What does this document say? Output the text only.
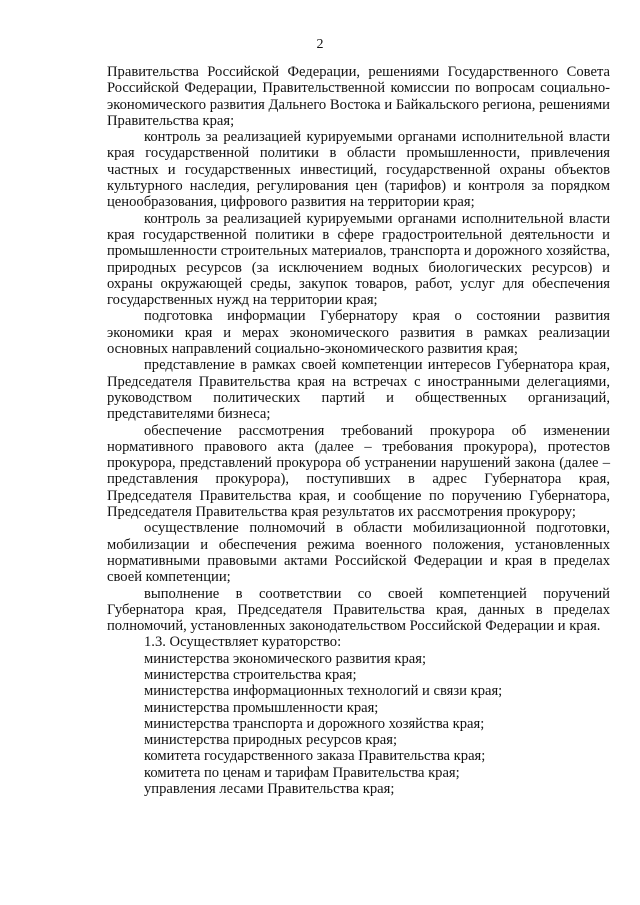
2

Правительства Российской Федерации, решениями Государственного Совета Российской Федерации, Правительственной комиссии по вопросам социально-экономического развития Дальнего Востока и Байкальского региона, решениями Правительства края;

контроль за реализацией курируемыми органами исполнительной власти края государственной политики в области промышленности, привлечения частных и государственных инвестиций, государственной охраны объектов культурного наследия, регулирования цен (тарифов) и контроля за порядком ценообразования, цифрового развития на территории края;

контроль за реализацией курируемыми органами исполнительной власти края государственной политики в сфере градостроительной деятельности и промышленности строительных материалов, транспорта и дорожного хозяйства, природных ресурсов (за исключением водных биологических ресурсов) и охраны окружающей среды, закупок товаров, работ, услуг для обеспечения государственных нужд на территории края;

подготовка информации Губернатору края о состоянии развития экономики края и мерах экономического развития в рамках реализации основных направлений социально-экономического развития края;

представление в рамках своей компетенции интересов Губернатора края, Председателя Правительства края на встречах с иностранными делегациями, руководством политических партий и общественных организаций, представителями бизнеса;

обеспечение рассмотрения требований прокурора об изменении нормативного правового акта (далее – требования прокурора), протестов прокурора, представлений прокурора об устранении нарушений закона (далее – представления прокурора), поступивших в адрес Губернатора края, Председателя Правительства края, и сообщение по поручению Губернатора, Председателя Правительства края результатов их рассмотрения прокурору;

осуществление полномочий в области мобилизационной подготовки, мобилизации и обеспечения режима военного положения, установленных нормативными правовыми актами Российской Федерации и края в пределах своей компетенции;

выполнение в соответствии со своей компетенцией поручений Губернатора края, Председателя Правительства края, данных в пределах полномочий, установленных законодательством Российской Федерации и края.

1.3. Осуществляет кураторство:

министерства экономического развития края;
министерства строительства края;
министерства информационных технологий и связи края;
министерства промышленности края;
министерства транспорта и дорожного хозяйства края;
министерства природных ресурсов края;
комитета государственного заказа Правительства края;
комитета по ценам и тарифам Правительства края;
управления лесами Правительства края;
